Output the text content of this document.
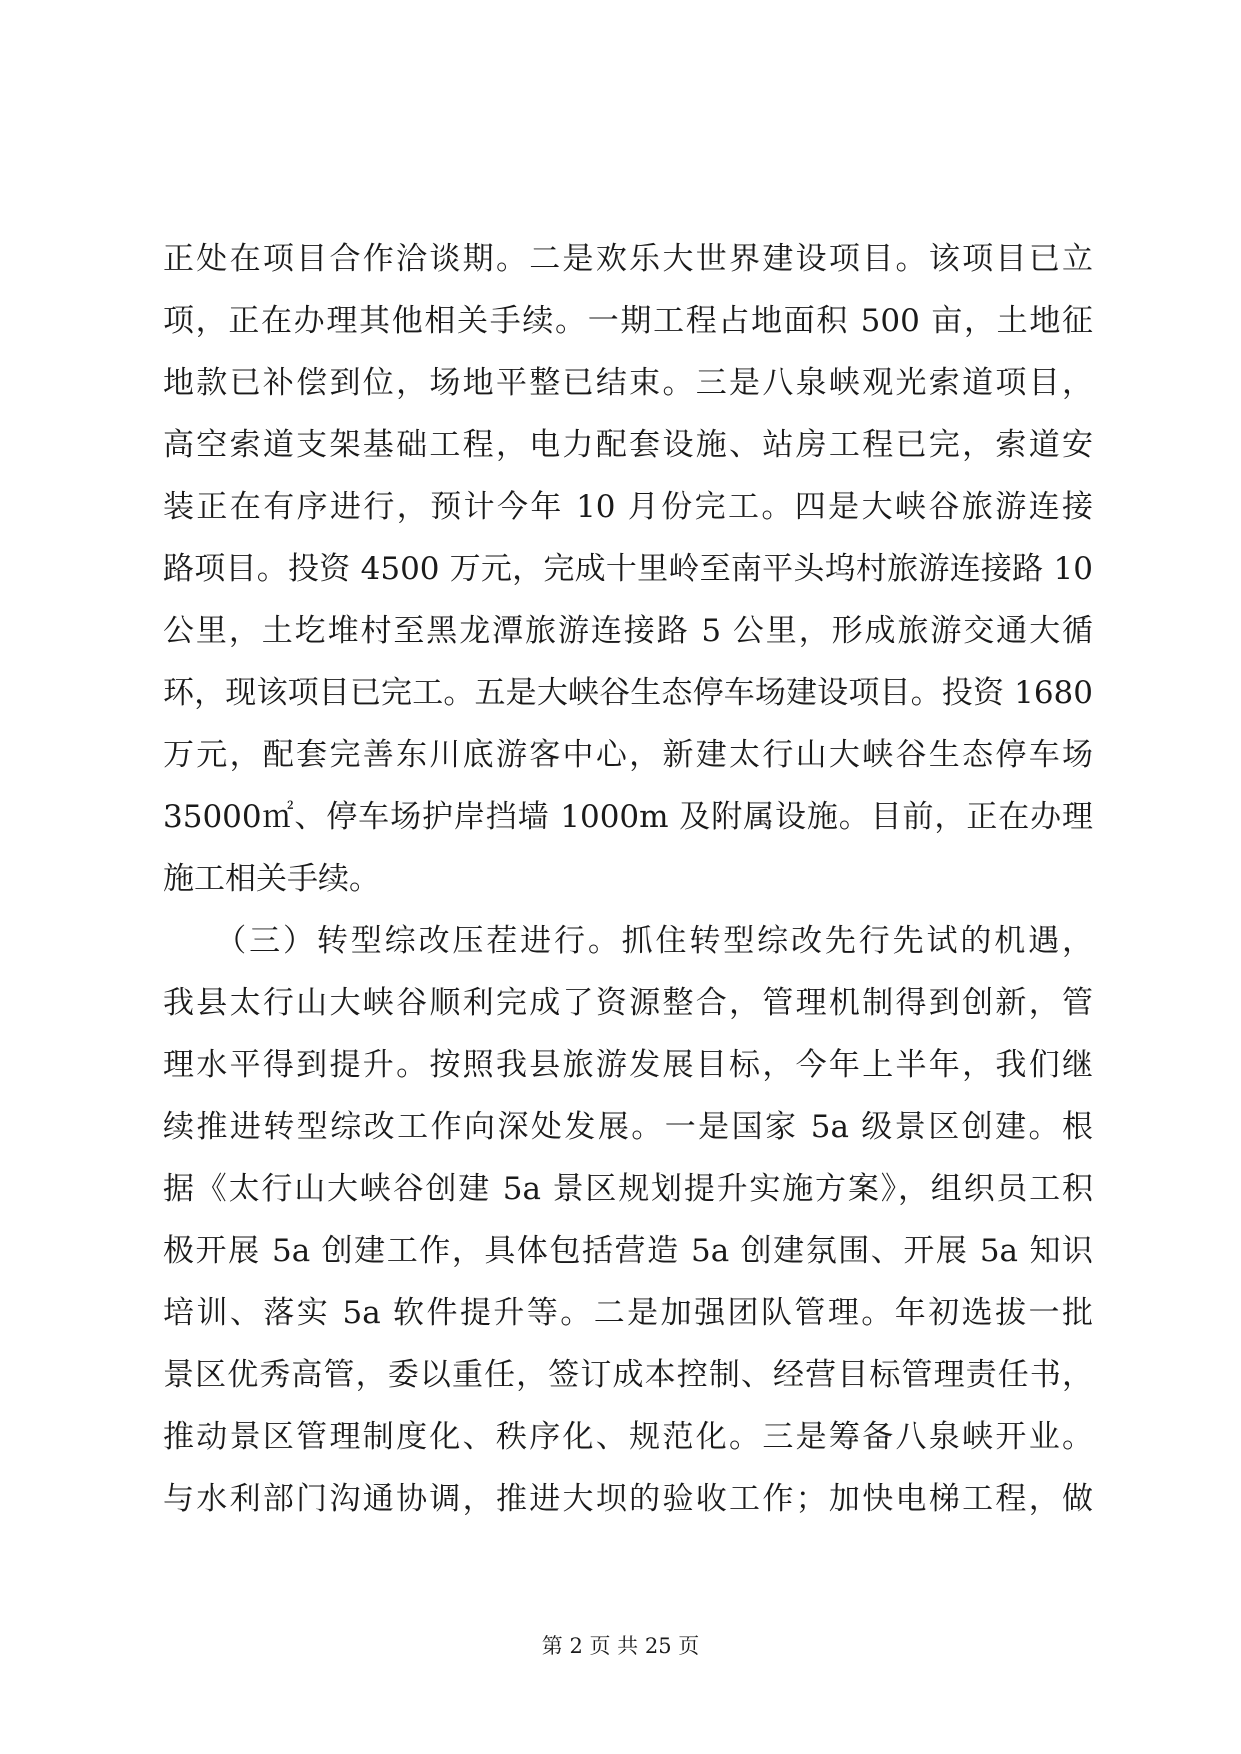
正处在项目合作洽谈期。二是欢乐大世界建设项目。该项目已立
项，正在办理其他相关手续。一期工程占地面积 500 亩，土地征
地款已补偿到位，场地平整已结束。三是八泉峡观光索道项目，
高空索道支架基础工程，电力配套设施、站房工程已完，索道安
装正在有序进行，预计今年 10 月份完工。四是大峡谷旅游连接
路项目。投资 4500 万元，完成十里岭至南平头坞村旅游连接路 10
公里，土圪堆村至黑龙潭旅游连接路 5 公里，形成旅游交通大循
环，现该项目已完工。五是大峡谷生态停车场建设项目。投资 1680
万元，配套完善东川底游客中心，新建太行山大峡谷生态停车场
35000㎡、停车场护岸挡墙 1000m 及附属设施。目前，正在办理
施工相关手续。
　　（三）转型综改压茬进行。抓住转型综改先行先试的机遇，
我县太行山大峡谷顺利完成了资源整合，管理机制得到创新，管
理水平得到提升。按照我县旅游发展目标，今年上半年，我们继
续推进转型综改工作向深处发展。一是国家 5a 级景区创建。根
据《太行山大峡谷创建 5a 景区规划提升实施方案》，组织员工积
极开展 5a 创建工作，具体包括营造 5a 创建氛围、开展 5a 知识
培训、落实 5a 软件提升等。二是加强团队管理。年初选拔一批
景区优秀高管，委以重任，签订成本控制、经营目标管理责任书，
推动景区管理制度化、秩序化、规范化。三是筹备八泉峡开业。
与水利部门沟通协调，推进大坝的验收工作；加快电梯工程，做
第 2 页 共 25 页
